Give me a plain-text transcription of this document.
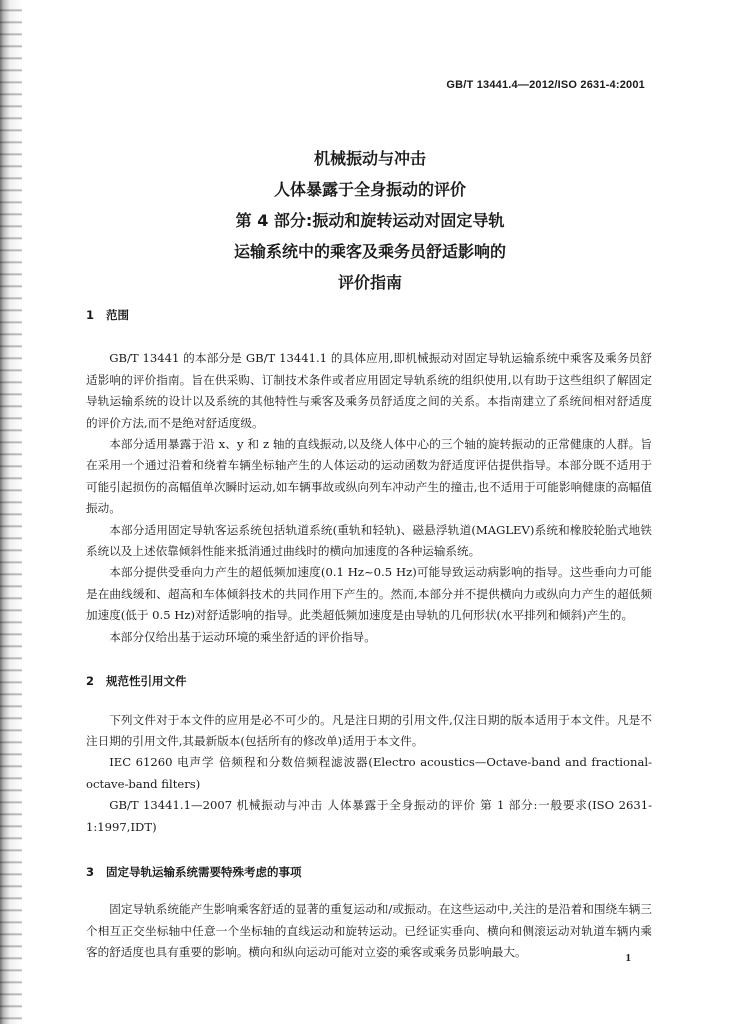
GB/T 13441.4—2012/ISO 2631-4:2001
机械振动与冲击
人体暴露于全身振动的评价
第 4 部分:振动和旋转运动对固定导轨
运输系统中的乘客及乘务员舒适影响的
评价指南
1 范围

GB/T 13441 的本部分是 GB/T 13441.1 的具体应用,即机械振动对固定导轨运输系统中乘客及乘务员舒适影响的评价指南。旨在供采购、订制技术条件或者应用固定导轨系统的组织使用,以有助于这些组织了解固定导轨运输系统的设计以及系统的其他特性与乘客及乘务员舒适度之间的关系。本指南建立了系统间相对舒适度的评价方法,而不是绝对舒适度级。

本部分适用暴露于沿 x、y 和 z 轴的直线振动,以及绕人体中心的三个轴的旋转振动的正常健康的人群。旨在采用一个通过沿着和绕着车辆坐标轴产生的人体运动的运动函数为舒适度评估提供指导。本部分既不适用于可能引起损伤的高幅值单次瞬时运动,如车辆事故或纵向列车冲动产生的撞击,也不适用于可能影响健康的高幅值振动。

本部分适用固定导轨客运系统包括轨道系统(重轨和轻轨)、磁悬浮轨道(MAGLEV)系统和橡胶轮胎式地铁系统以及上述依靠倾斜性能来抵消通过曲线时的横向加速度的各种运输系统。

本部分提供受垂向力产生的超低频加速度(0.1 Hz~0.5 Hz)可能导致运动病影响的指导。这些垂向力可能是在曲线缓和、超高和车体倾斜技术的共同作用下产生的。然而,本部分并不提供横向力或纵向力产生的超低频加速度(低于 0.5 Hz)对舒适影响的指导。此类超低频加速度是由导轨的几何形状(水平排列和倾斜)产生的。

本部分仅给出基于运动环境的乘坐舒适的评价指导。

2 规范性引用文件

下列文件对于本文件的应用是必不可少的。凡是注日期的引用文件,仅注日期的版本适用于本文件。凡是不注日期的引用文件,其最新版本(包括所有的修改单)适用于本文件。

IEC 61260 电声学 倍频程和分数倍频程滤波器(Electro acoustics—Octave-band and fractional-octave-band filters)

GB/T 13441.1—2007 机械振动与冲击 人体暴露于全身振动的评价 第 1 部分:一般要求(ISO 2631-1:1997,IDT)

3 固定导轨运输系统需要特殊考虑的事项

固定导轨系统能产生影响乘客舒适的显著的重复运动和/或振动。在这些运动中,关注的是沿着和围绕车辆三个相互正交坐标轴中任意一个坐标轴的直线运动和旋转运动。已经证实垂向、横向和侧滚运动对轨道车辆内乘客的舒适度也具有重要的影响。横向和纵向运动可能对立姿的乘客或乘务员影响最大。	1
